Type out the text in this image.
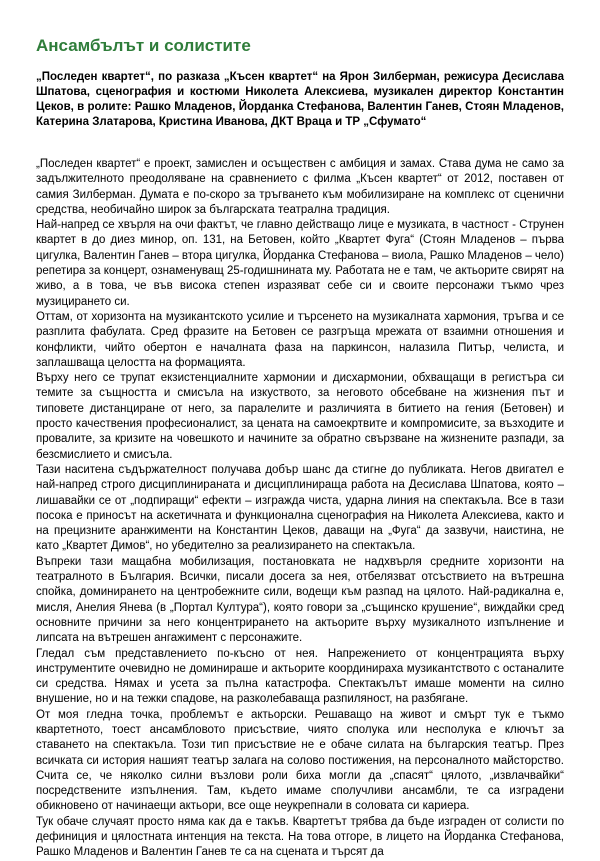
Ансамбълът и солистите

„Последен квартет“, по разказа „Късен квартет“ на Ярон Зилберман, режисура Десислава Шпатова, сценография и костюми Николета Алексиева, музикален директор Константин Цеков, в ролите: Рашко Младенов, Йорданка Стефанова, Валентин Ганев, Стоян Младенов, Катерина Златарова, Кристина Иванова, ДКТ Враца и ТР „Сфумато“

„Последен квартет“ е проект, замислен и осъществен с амбиция и замах. Става дума не само за задължителното преодоляване на сравнението с филма „Късен квартет“ от 2012, поставен от самия Зилберман. Думата е по-скоро за тръгването към мобилизиране на комплекс от сценични средства, необичайно широк за българската театрална традиция.

Най-напред се хвърля на очи фактът, че главно действащо лице е музиката, в частност - Струнен квартет в до диез минор, оп. 131, на Бетовен, който „Квартет Фуга“ (Стоян Младенов – първа цигулка, Валентин Ганев – втора цигулка, Йорданка Стефанова – виола, Рашко Младенов – чело) репетира за концерт, ознаменуващ 25-годишнината му. Работата не е там, че актьорите свирят на живо, а в това, че във висока степен изразяват себе си и своите персонажи тъкмо чрез музицирането си.

Оттам, от хоризонта на музикантското усилие и търсенето на музикалната хармония, тръгва и се разплита фабулата. Сред фразите на Бетовен се разгръща мрежата от взаимни отношения и конфликти, чийто обертон е началната фаза на паркинсон, налазила Питър, челиста, и заплашваща целостта на формацията.

Върху него се трупат екзистенциалните хармонии и дисхармонии, обхващащи в регистъра си темите за същността и смисъла на изкуството, за неговото обсебване на жизнения път и типовете дистанциране от него, за паралелите и различията в битието на гения (Бетовен) и просто качествения професионалист, за цената на самоекртвите и компромисите, за възходите и провалите, за кризите на човешкото и начините за обратно свързване на жизнените разпади, за безсмислието и смисъла.

Тази наситена съдържателност получава добър шанс да стигне до публиката. Негов двигател е най-напред строго дисциплинираната и дисциплинираща работа на Десислава Шпатова, която – лишавайки се от „подпиращи“ ефекти – изгражда чиста, ударна линия на спектакъла. Все в тази посока е приносът на аскетичната и функционална сценография на Николета Алексиева, както и на прецизните аранжименти на Константин Цеков, даващи на „Фуга“ да зазвучи, наистина, не като „Квартет Димов“, но убедително за реализирането на спектакъла.

Въпреки тази мащабна мобилизация, постановката не надхвърля средните хоризонти на театралното в България. Всички, писали досега за нея, отбелязват отсъствието на вътрешна спойка, доминирането на центробежните сили, водещи към разпад на цялото. Най-радикална е, мисля, Анелия Янева (в „Портал Култура“), която говори за „същинско крушение“, виждайки сред основните причини за него концентрирането на актьорите върху музикалното изпълнение и липсата на вътрешен ангажимент с персонажите.

Гледал съм представлението по-късно от нея. Напрежението от концентрацията върху инструментите очевидно не доминираше и актьорите координираха музикантството с останалите си средства. Нямах и усета за пълна катастрофа. Спектакълът имаше моменти на силно внушение, но и на тежки спадове, на разколебаваща разпиляност, на разбягане.

От моя гледна точка, проблемът е актьорски. Решаващо на живот и смърт тук е тъкмо квартетното, тоест ансамбловото присъствие, чиято сполука или несполука е ключът за ставането на спектакъла. Този тип присъствие не е обаче силата на българския театър. През всичката си история нашият театър залага на солово постижения, на персоналното майсторство. Считa се, че няколко силни възлови роли биха могли да „спасят“ цялото, „извлачвайки“ посредствените изпълнения. Там, където имаме сполучливи ансамбли, те са изградени обикновено от начинаещи актьори, все още неукрепнали в соловата си кариера.

Тук обаче случаят просто няма как да е такъв. Квартетът трябва да бъде изграден от солисти по дефиниция и цялостната интенция на текста. На това отгоре, в лицето на Йорданка Стефанова, Рашко Младенов и Валентин Ганев те са на сцената и търсят да
